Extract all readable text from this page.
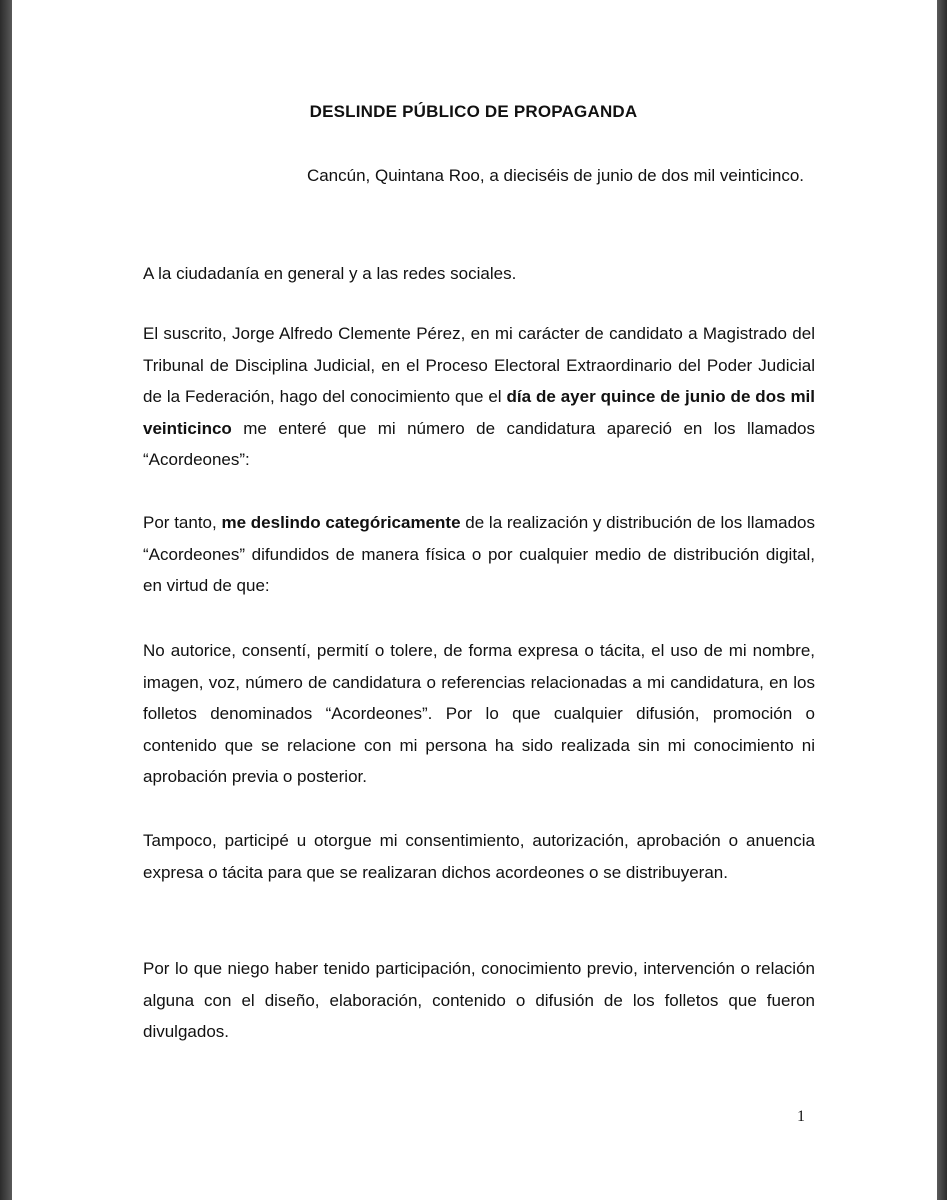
DESLINDE PÚBLICO DE PROPAGANDA
Cancún, Quintana Roo, a dieciséis de junio de dos mil veinticinco.
A la ciudadanía en general y a las redes sociales.
El suscrito, Jorge Alfredo Clemente Pérez, en mi carácter de candidato a Magistrado del Tribunal de Disciplina Judicial, en el Proceso Electoral Extraordinario del Poder Judicial de la Federación, hago del conocimiento que el día de ayer quince de junio de dos mil veinticinco me enteré que mi número de candidatura apareció en los llamados “Acordeones”:
Por tanto, me deslindo categóricamente de la realización y distribución de los llamados “Acordeones” difundidos de manera física o por cualquier medio de distribución digital, en virtud de que:
No autorice, consentí, permití o tolere, de forma expresa o tácita, el uso de mi nombre, imagen, voz, número de candidatura o referencias relacionadas a mi candidatura, en los folletos denominados “Acordeones”. Por lo que cualquier difusión, promoción o contenido que se relacione con mi persona ha sido realizada sin mi conocimiento ni aprobación previa o posterior.
Tampoco, participé u otorgue mi consentimiento, autorización, aprobación o anuencia expresa o tácita para que se realizaran dichos acordeones o se distribuyeran.
Por lo que niego haber tenido participación, conocimiento previo, intervención o relación alguna con el diseño, elaboración, contenido o difusión de los folletos que fueron divulgados.
1
